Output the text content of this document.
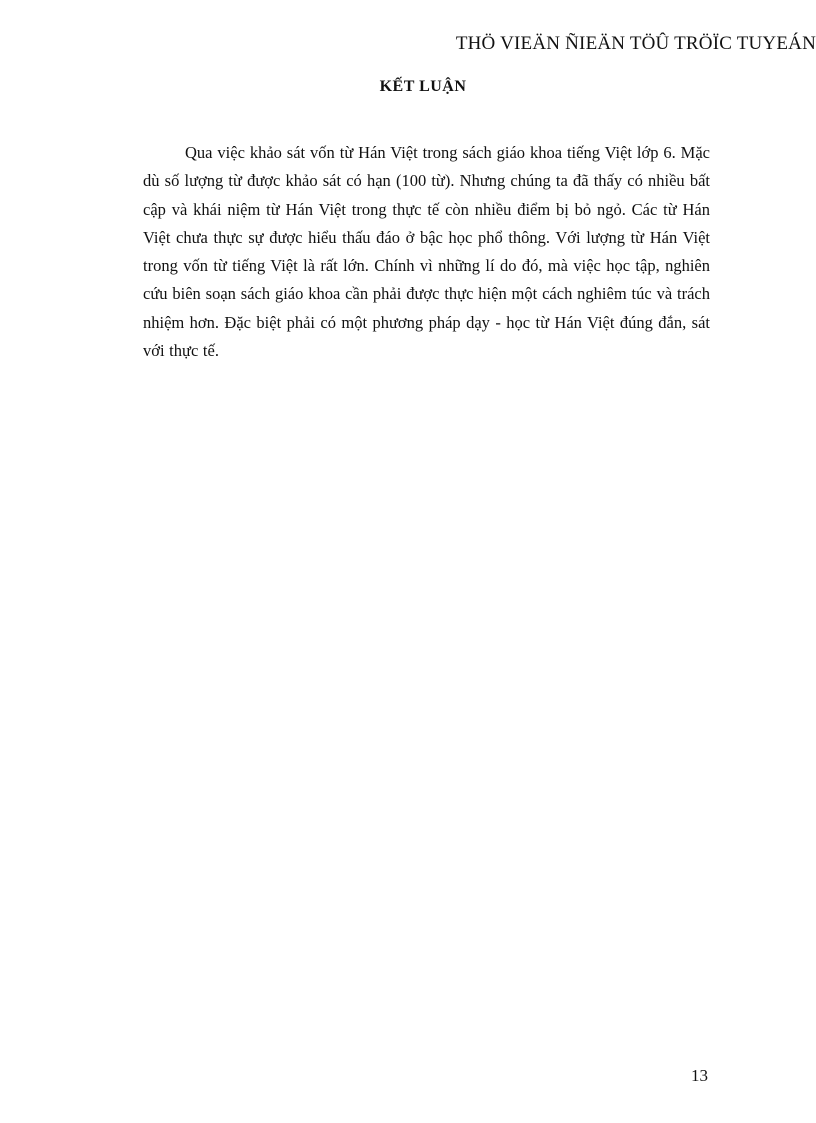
THÖ VIEÄN ÑIEÄN TÖÛ TRÖÏC TUYEÁN
KẾT LUẬN

Qua việc khảo sát vốn từ Hán Việt trong sách giáo khoa tiếng Việt lớp 6. Mặc dù số lượng từ được khảo sát có hạn (100 từ). Nhưng chúng ta đã thấy có nhiều bất cập và khái niệm từ Hán Việt trong thực tế còn nhiều điểm bị bỏ ngỏ. Các từ Hán Việt chưa thực sự được hiểu thấu đáo ở bậc học phổ thông. Với lượng từ Hán Việt trong vốn từ tiếng Việt là rất lớn. Chính vì những lí do đó, mà việc học tập, nghiên cứu biên soạn sách giáo khoa cần phải được thực hiện một cách nghiêm túc và trách nhiệm hơn. Đặc biệt phải có một phương pháp dạy - học từ Hán Việt đúng đắn, sát với thực tế.

13
